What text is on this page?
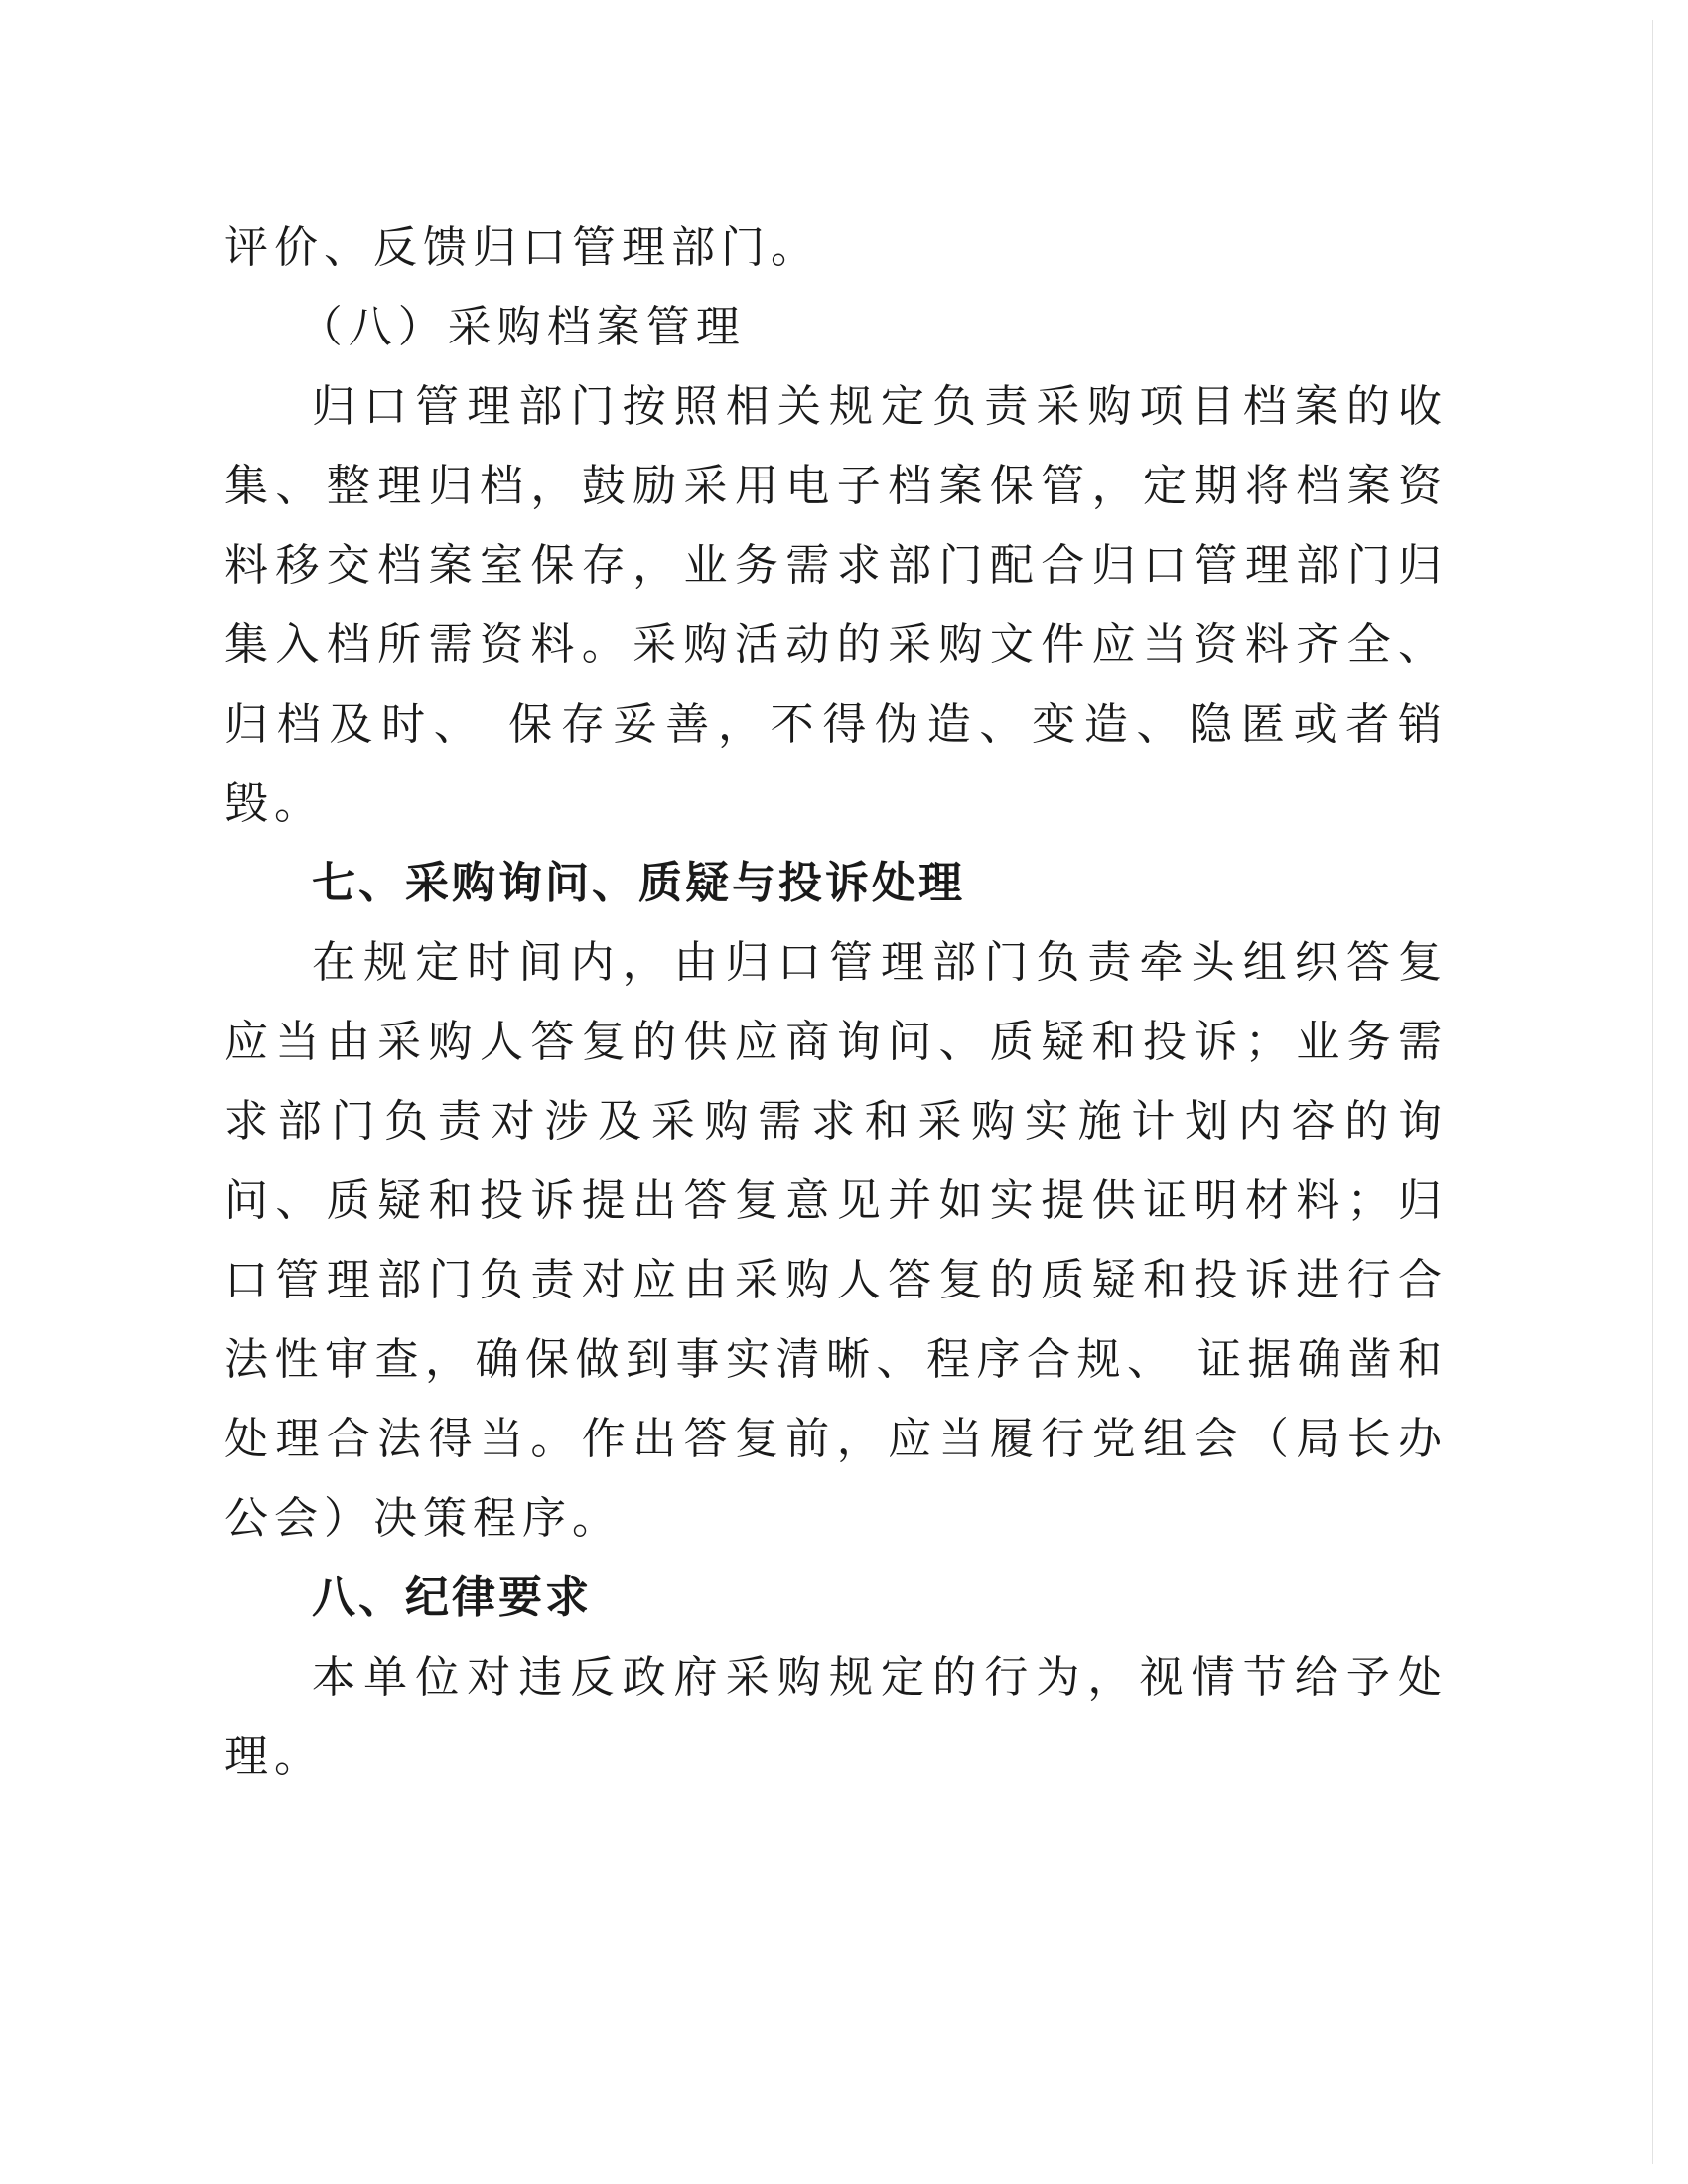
评价、反馈归口管理部门。

（八）采购档案管理

归口管理部门按照相关规定负责采购项目档案的收集、整理归档，鼓励采用电子档案保管，定期将档案资料移交档案室保存，业务需求部门配合归口管理部门归集入档所需资料。采购活动的采购文件应当资料齐全、归档及时、 保存妥善，不得伪造、变造、隐匿或者销毁。

七、采购询问、质疑与投诉处理

在规定时间内，由归口管理部门负责牵头组织答复应当由采购人答复的供应商询问、质疑和投诉；业务需求部门负责对涉及采购需求和采购实施计划内容的询问、质疑和投诉提出答复意见并如实提供证明材料；归口管理部门负责对应由采购人答复的质疑和投诉进行合法性审查，确保做到事实清晰、程序合规、 证据确凿和处理合法得当。作出答复前，应当履行党组会（局长办公会）决策程序。

八、纪律要求

本单位对违反政府采购规定的行为，视情节给予处理。
